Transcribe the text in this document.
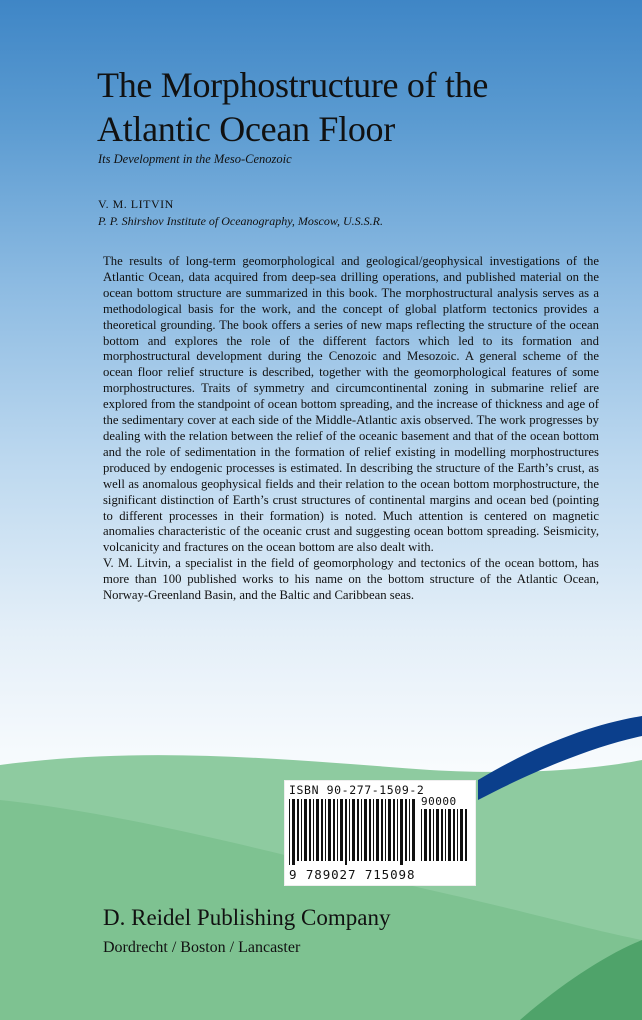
The Morphostructure of the
Atlantic Ocean Floor
Its Development in the Meso-Cenozoic
V. M. LITVIN
P. P. Shirshov Institute of Oceanography, Moscow, U.S.S.R.

The results of long-term geomorphological and geological/geophysical investigations of the Atlantic Ocean, data acquired from deep-sea drilling operations, and published material on the ocean bottom structure are summarized in this book. The morphostructural analysis serves as a methodological basis for the work, and the concept of global platform tectonics provides a theoretical grounding. The book offers a series of new maps reflecting the structure of the ocean bottom and explores the role of the different factors which led to its formation and morphostructural development during the Cenozoic and Mesozoic. A general scheme of the ocean floor relief structure is described, together with the geomorphological features of some morphostructures. Traits of symmetry and circumcontinental zoning in submarine relief are explored from the standpoint of ocean bottom spreading, and the increase of thickness and age of the sedimentary cover at each side of the Middle-Atlantic axis observed. The work progresses by dealing with the relation between the relief of the oceanic basement and that of the ocean bottom and the role of sedimentation in the formation of relief existing in modelling morphostructures produced by endogenic processes is estimated. In describing the structure of the Earth’s crust, as well as anomalous geophysical fields and their relation to the ocean bottom morphostructure, the significant distinction of Earth’s crust structures of continental margins and ocean bed (pointing to different processes in their formation) is noted. Much attention is centered on magnetic anomalies characteristic of the oceanic crust and suggesting ocean bottom spreading. Seismicity, volcanicity and fractures on the ocean bottom are also dealt with.

V. M. Litvin, a specialist in the field of geomorphology and tectonics of the ocean bottom, has more than 100 published works to his name on the bottom structure of the Atlantic Ocean, Norway-Greenland Basin, and the Baltic and Caribbean seas.

ISBN 90-277-1509-2
90000
9 789027 715098
D. Reidel Publishing Company
Dordrecht / Boston / Lancaster
